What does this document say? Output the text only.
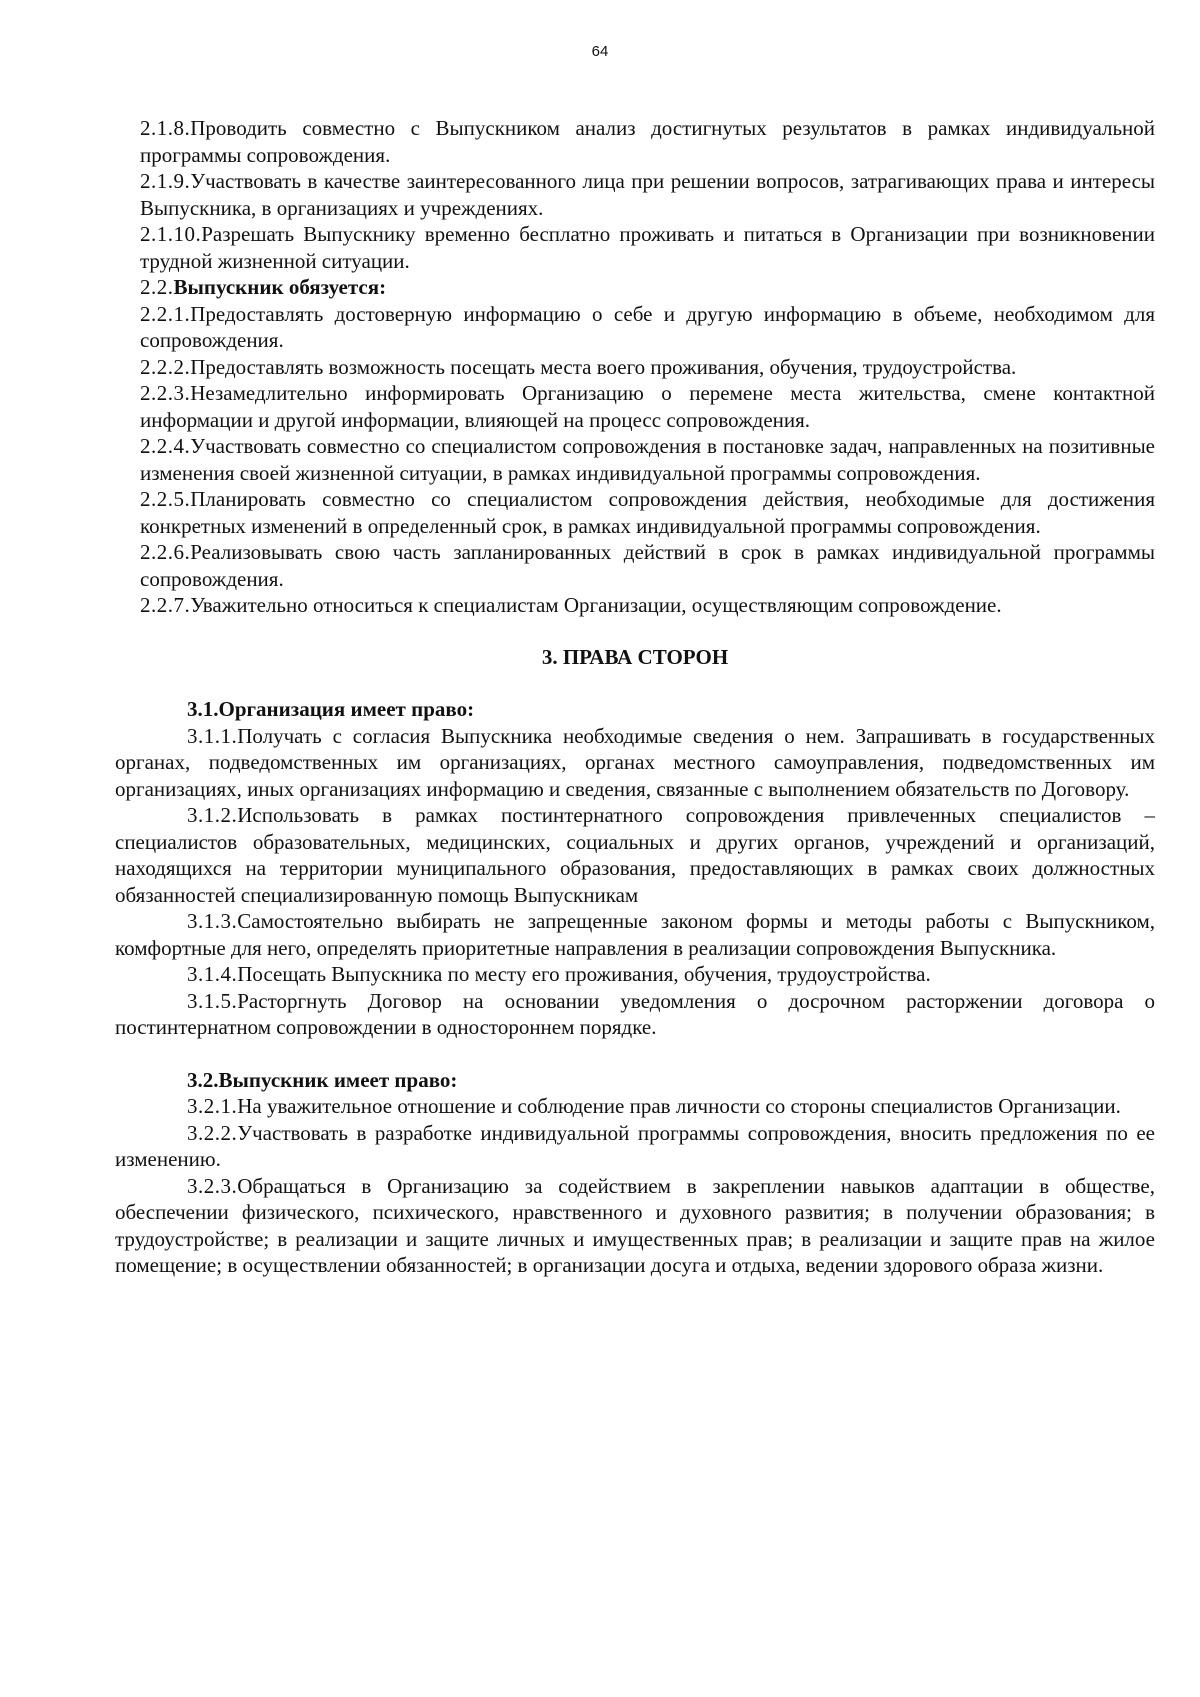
64

2.1.8.Проводить совместно с Выпускником анализ достигнутых результатов в рамках индивидуальной программы сопровождения.

2.1.9.Участвовать в качестве заинтересованного лица при решении вопросов, затрагивающих права и интересы Выпускника, в организациях и учреждениях.

2.1.10.Разрешать Выпускнику временно бесплатно проживать и питаться в Организации при возникновении трудной жизненной ситуации.

2.2.Выпускник обязуется:

2.2.1.Предоставлять достоверную информацию о себе и другую информацию в объеме, необходимом для сопровождения.

2.2.2.Предоставлять возможность посещать места воего проживания, обучения, трудоустройства.

2.2.3.Незамедлительно информировать Организацию о перемене места жительства, смене контактной информации и другой информации, влияющей на процесс сопровождения.

2.2.4.Участвовать совместно со специалистом сопровождения в постановке задач, направленных на позитивные изменения своей жизненной ситуации, в рамках индивидуальной программы сопровождения.

2.2.5.Планировать совместно со специалистом сопровождения действия, необходимые для достижения конкретных изменений в определенный срок, в рамках индивидуальной программы сопровождения.

2.2.6.Реализовывать свою часть запланированных действий в срок в рамках индивидуальной программы сопровождения.

2.2.7.Уважительно относиться к специалистам Организации, осуществляющим сопровождение.

3. ПРАВА СТОРОН

3.1.Организация имеет право:

3.1.1.Получать с согласия Выпускника необходимые сведения о нем. Запрашивать в государственных органах, подведомственных им организациях, органах местного самоуправления, подведомственных им организациях, иных организациях информацию и сведения, связанные с выполнением обязательств по Договору.

3.1.2.Использовать в рамках постинтернатного сопровождения привлеченных специалистов – специалистов образовательных, медицинских, социальных и других органов, учреждений и организаций, находящихся на территории муниципального образования, предоставляющих в рамках своих должностных обязанностей специализированную помощь Выпускникам

3.1.3.Самостоятельно выбирать не запрещенные законом формы и методы работы с Выпускником, комфортные для него, определять приоритетные направления в реализации сопровождения Выпускника.

3.1.4.Посещать Выпускника по месту его проживания, обучения, трудоустройства.

3.1.5.Расторгнуть Договор на основании уведомления о досрочном расторжении договора о постинтернатном сопровождении в одностороннем порядке.

3.2.Выпускник имеет право:

3.2.1.На уважительное отношение и соблюдение прав личности со стороны специалистов Организации.

3.2.2.Участвовать в разработке индивидуальной программы сопровождения, вносить предложения по ее изменению.

3.2.3.Обращаться в Организацию за содействием в закреплении навыков адаптации в обществе, обеспечении физического, психического, нравственного и духовного развития; в получении образования; в трудоустройстве; в реализации и защите личных и имущественных прав; в реализации и защите прав на жилое помещение; в осуществлении обязанностей; в организации досуга и отдыха, ведении здорового образа жизни.
